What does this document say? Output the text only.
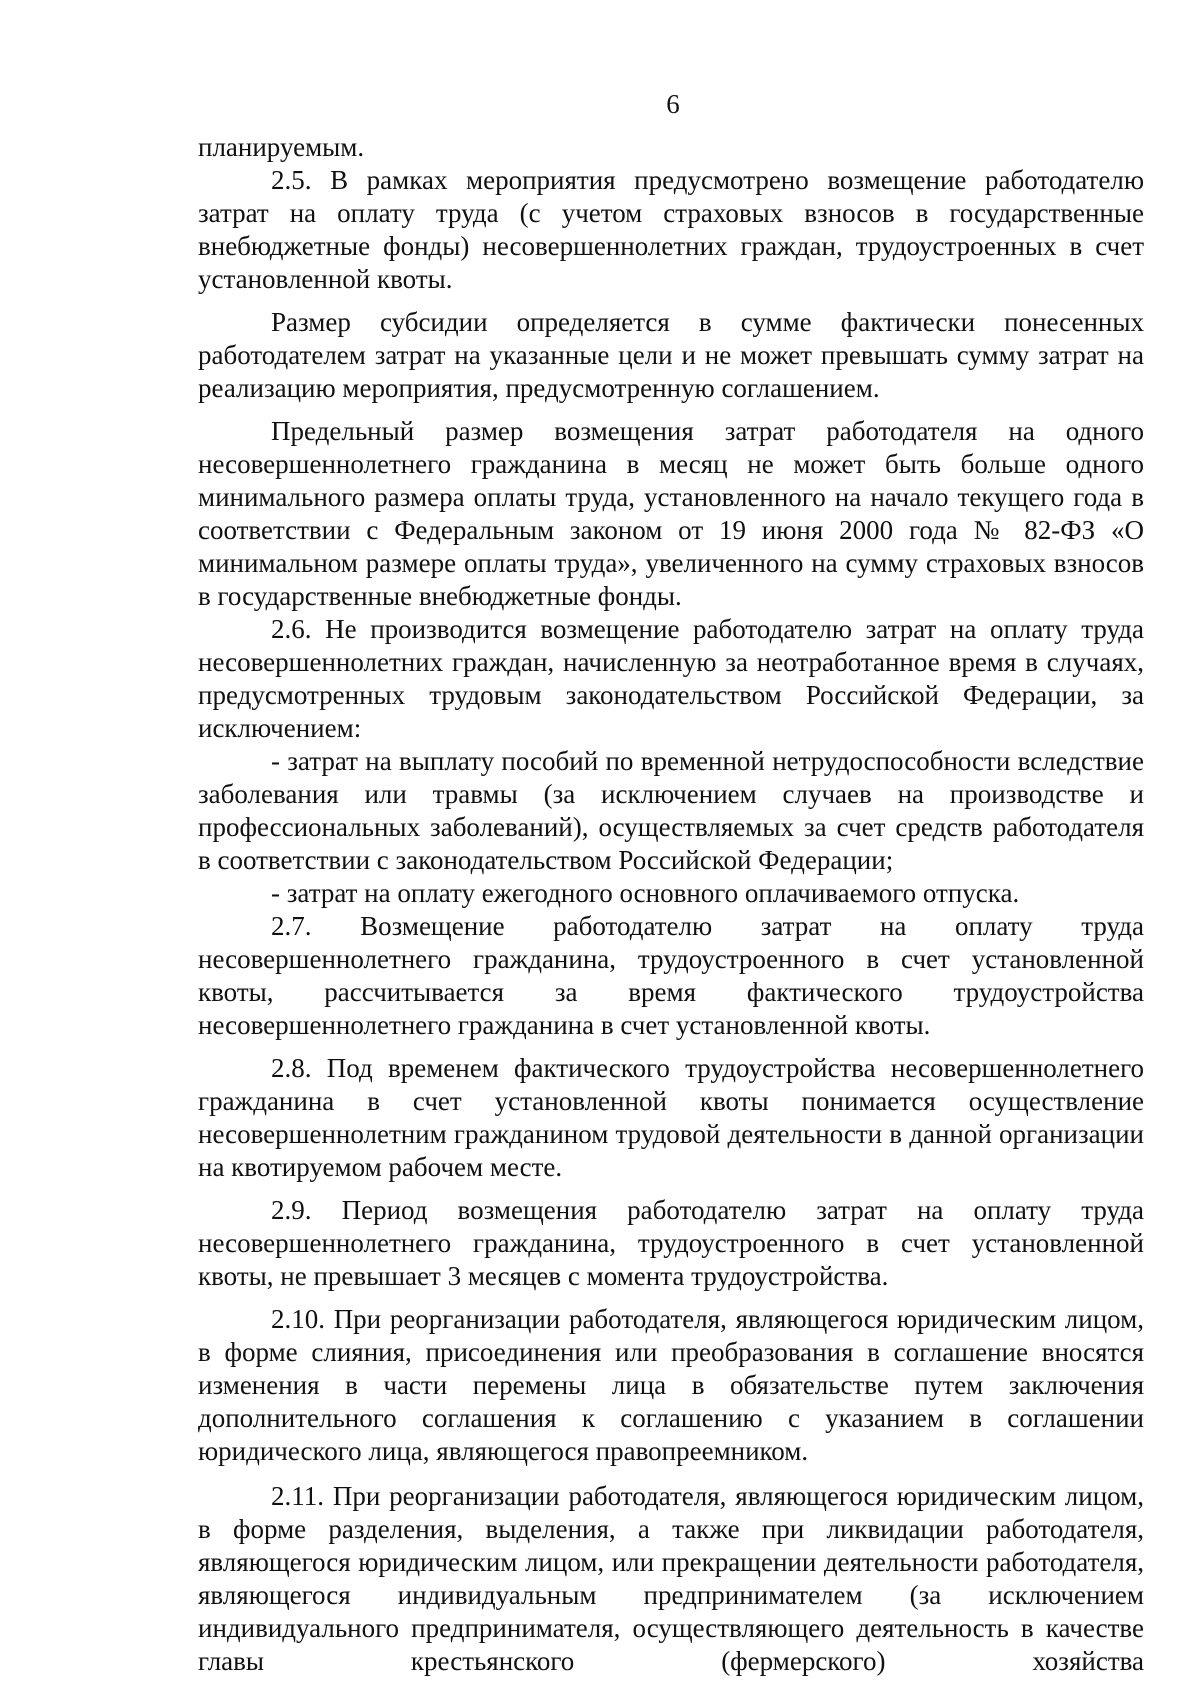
6

планируемым.

2.5. В рамках мероприятия предусмотрено возмещение работодателю затрат на оплату труда (с учетом страховых взносов в государственные внебюджетные фонды) несовершеннолетних граждан, трудоустроенных в счет установленной квоты.

Размер субсидии определяется в сумме фактически понесенных работодателем затрат на указанные цели и не может превышать сумму затрат на реализацию мероприятия, предусмотренную соглашением.

Предельный размер возмещения затрат работодателя на одного несовершеннолетнего гражданина в месяц не может быть больше одного минимального размера оплаты труда, установленного на начало текущего года в соответствии с Федеральным законом от 19 июня 2000 года № 82-ФЗ «О минимальном размере оплаты труда», увеличенного на сумму страховых взносов в государственные внебюджетные фонды.

2.6. Не производится возмещение работодателю затрат на оплату труда несовершеннолетних граждан, начисленную за неотработанное время в случаях, предусмотренных трудовым законодательством Российской Федерации, за исключением:

- затрат на выплату пособий по временной нетрудоспособности вследствие заболевания или травмы (за исключением случаев на производстве и профессиональных заболеваний), осуществляемых за счет средств работодателя в соответствии с законодательством Российской Федерации;

- затрат на оплату ежегодного основного оплачиваемого отпуска.

2.7. Возмещение работодателю затрат на оплату труда несовершеннолетнего гражданина, трудоустроенного в счет установленной квоты, рассчитывается за время фактического трудоустройства несовершеннолетнего гражданина в счет установленной квоты.

2.8. Под временем фактического трудоустройства несовершеннолетнего гражданина в счет установленной квоты понимается осуществление несовершеннолетним гражданином трудовой деятельности в данной организации на квотируемом рабочем месте.

2.9. Период возмещения работодателю затрат на оплату труда несовершеннолетнего гражданина, трудоустроенного в счет установленной квоты, не превышает 3 месяцев с момента трудоустройства.

2.10. При реорганизации работодателя, являющегося юридическим лицом, в форме слияния, присоединения или преобразования в соглашение вносятся изменения в части перемены лица в обязательстве путем заключения дополнительного соглашения к соглашению с указанием в соглашении юридического лица, являющегося правопреемником.

2.11. При реорганизации работодателя, являющегося юридическим лицом, в форме разделения, выделения, а также при ликвидации работодателя, являющегося юридическим лицом, или прекращении деятельности работодателя, являющегося индивидуальным предпринимателем (за исключением индивидуального предпринимателя, осуществляющего деятельность в качестве главы крестьянского (фермерского) хозяйства
